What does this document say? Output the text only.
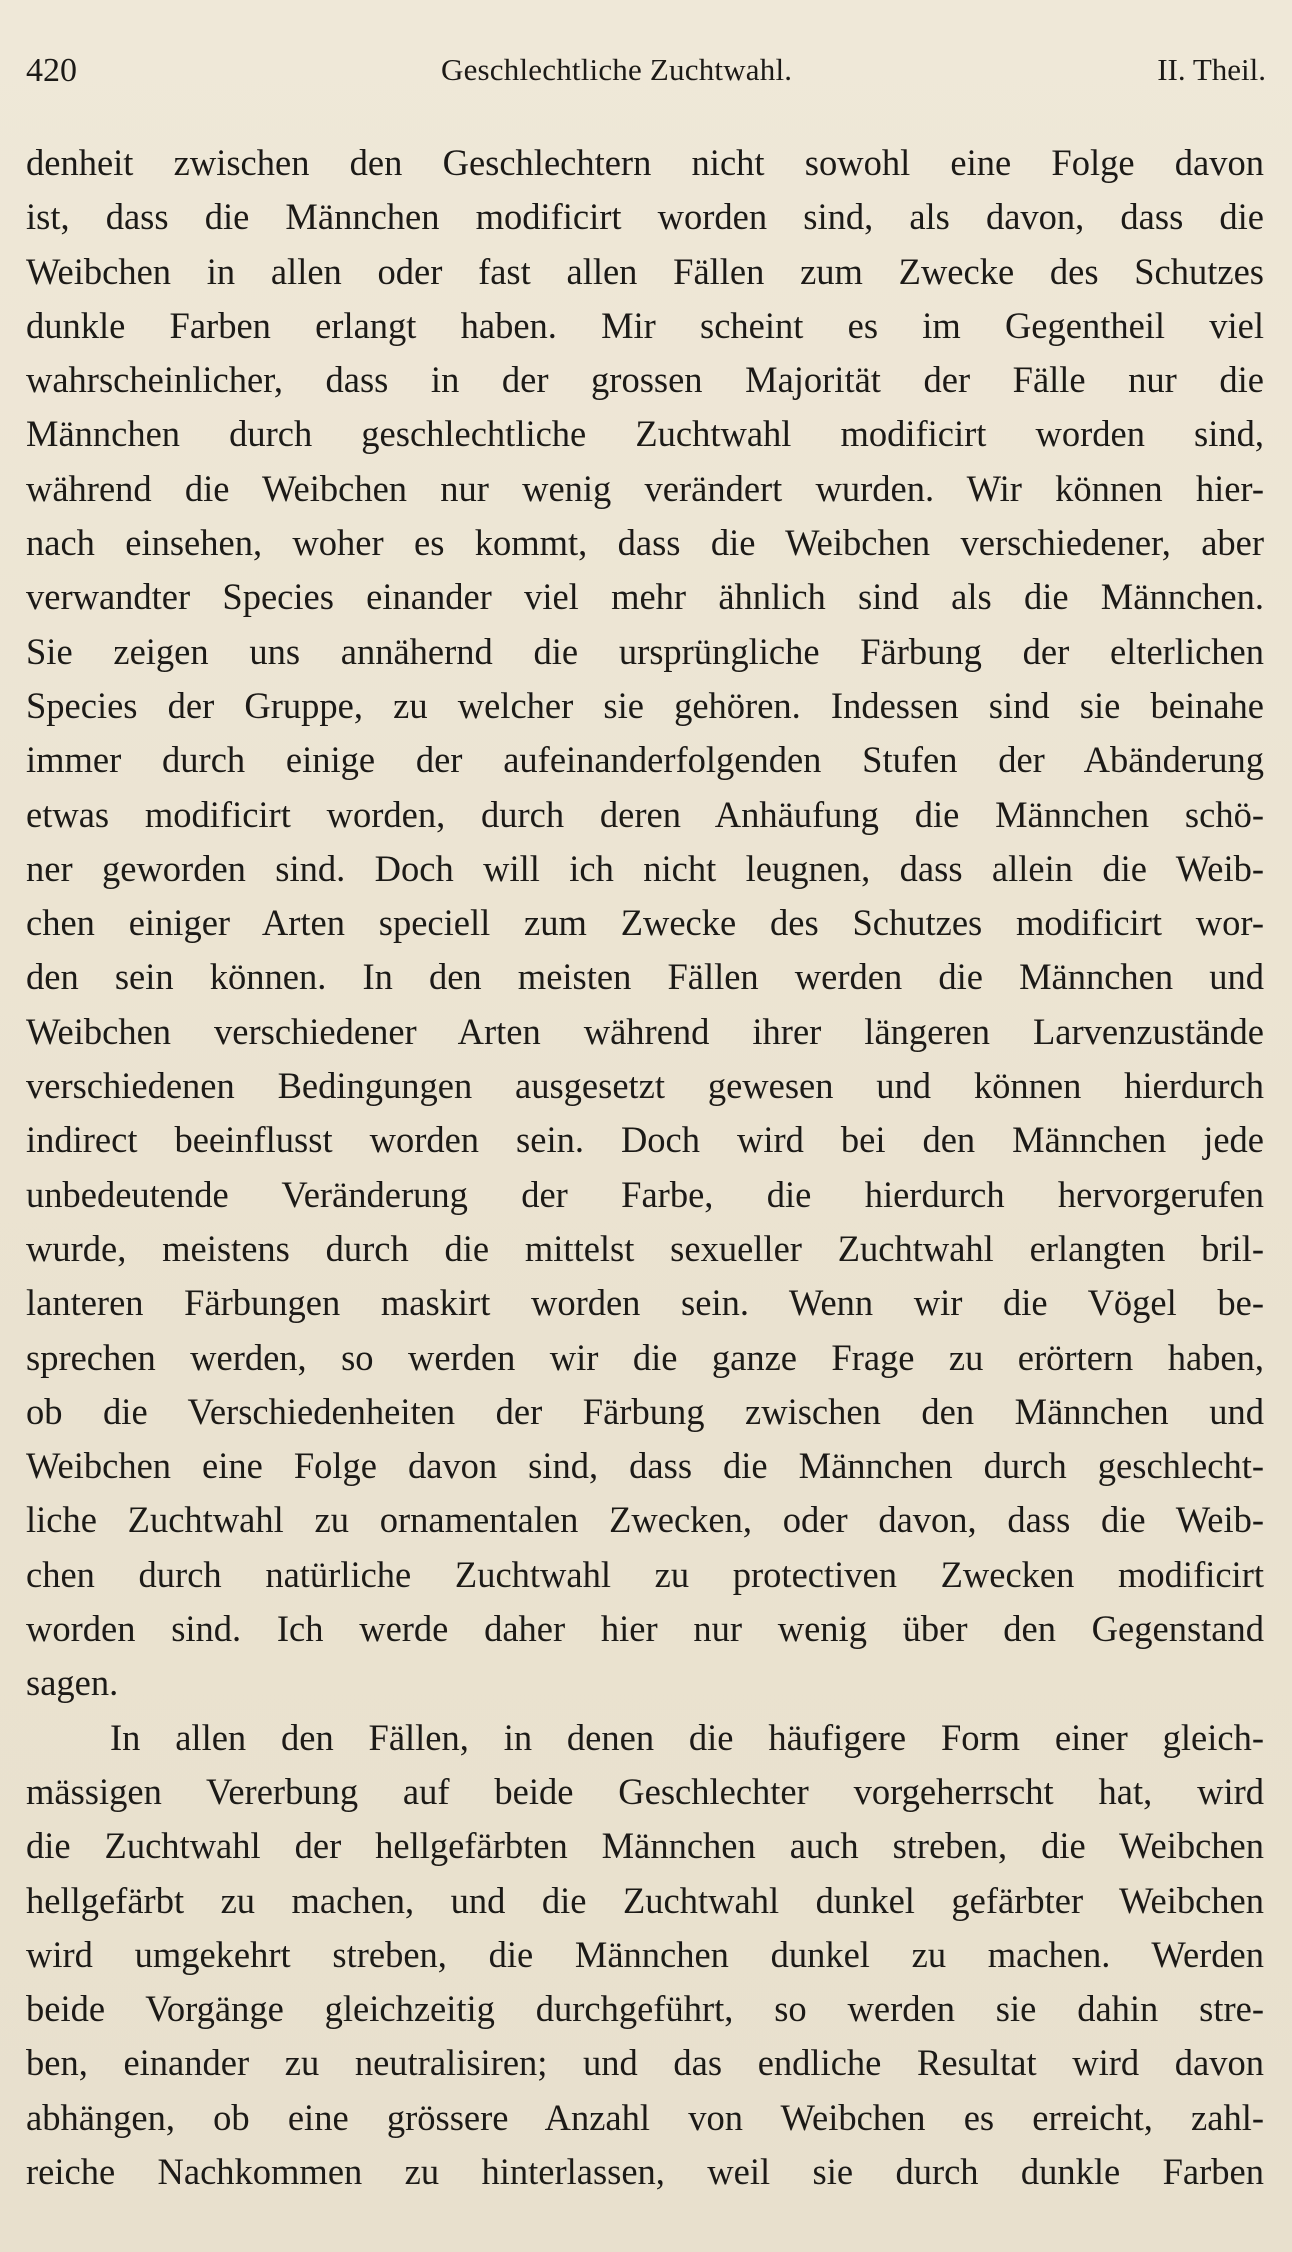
420	Geschlechtliche Zuchtwahl.	II. Theil.
denheit zwischen den Geschlechtern nicht sowohl eine Folge davon
ist, dass die Männchen modificirt worden sind, als davon, dass die
Weibchen in allen oder fast allen Fällen zum Zwecke des Schutzes
dunkle Farben erlangt haben. Mir scheint es im Gegentheil viel
wahrscheinlicher, dass in der grossen Majorität der Fälle nur die
Männchen durch geschlechtliche Zuchtwahl modificirt worden sind,
während die Weibchen nur wenig verändert wurden. Wir können hier-
nach einsehen, woher es kommt, dass die Weibchen verschiedener, aber
verwandter Species einander viel mehr ähnlich sind als die Männchen.
Sie zeigen uns annähernd die ursprüngliche Färbung der elterlichen
Species der Gruppe, zu welcher sie gehören. Indessen sind sie beinahe
immer durch einige der aufeinanderfolgenden Stufen der Abänderung
etwas modificirt worden, durch deren Anhäufung die Männchen schö-
ner geworden sind. Doch will ich nicht leugnen, dass allein die Weib-
chen einiger Arten speciell zum Zwecke des Schutzes modificirt wor-
den sein können. In den meisten Fällen werden die Männchen und
Weibchen verschiedener Arten während ihrer längeren Larvenzustände
verschiedenen Bedingungen ausgesetzt gewesen und können hierdurch
indirect beeinflusst worden sein. Doch wird bei den Männchen jede
unbedeutende Veränderung der Farbe, die hierdurch hervorgerufen
wurde, meistens durch die mittelst sexueller Zuchtwahl erlangten bril-
lanteren Färbungen maskirt worden sein. Wenn wir die Vögel be-
sprechen werden, so werden wir die ganze Frage zu erörtern haben,
ob die Verschiedenheiten der Färbung zwischen den Männchen und
Weibchen eine Folge davon sind, dass die Männchen durch geschlecht-
liche Zuchtwahl zu ornamentalen Zwecken, oder davon, dass die Weib-
chen durch natürliche Zuchtwahl zu protectiven Zwecken modificirt
worden sind. Ich werde daher hier nur wenig über den Gegenstand
sagen.
In allen den Fällen, in denen die häufigere Form einer gleich-
mässigen Vererbung auf beide Geschlechter vorgeherrscht hat, wird
die Zuchtwahl der hellgefärbten Männchen auch streben, die Weibchen
hellgefärbt zu machen, und die Zuchtwahl dunkel gefärbter Weibchen
wird umgekehrt streben, die Männchen dunkel zu machen. Werden
beide Vorgänge gleichzeitig durchgeführt, so werden sie dahin stre-
ben, einander zu neutralisiren; und das endliche Resultat wird davon
abhängen, ob eine grössere Anzahl von Weibchen es erreicht, zahl-
reiche Nachkommen zu hinterlassen, weil sie durch dunkle Farben
